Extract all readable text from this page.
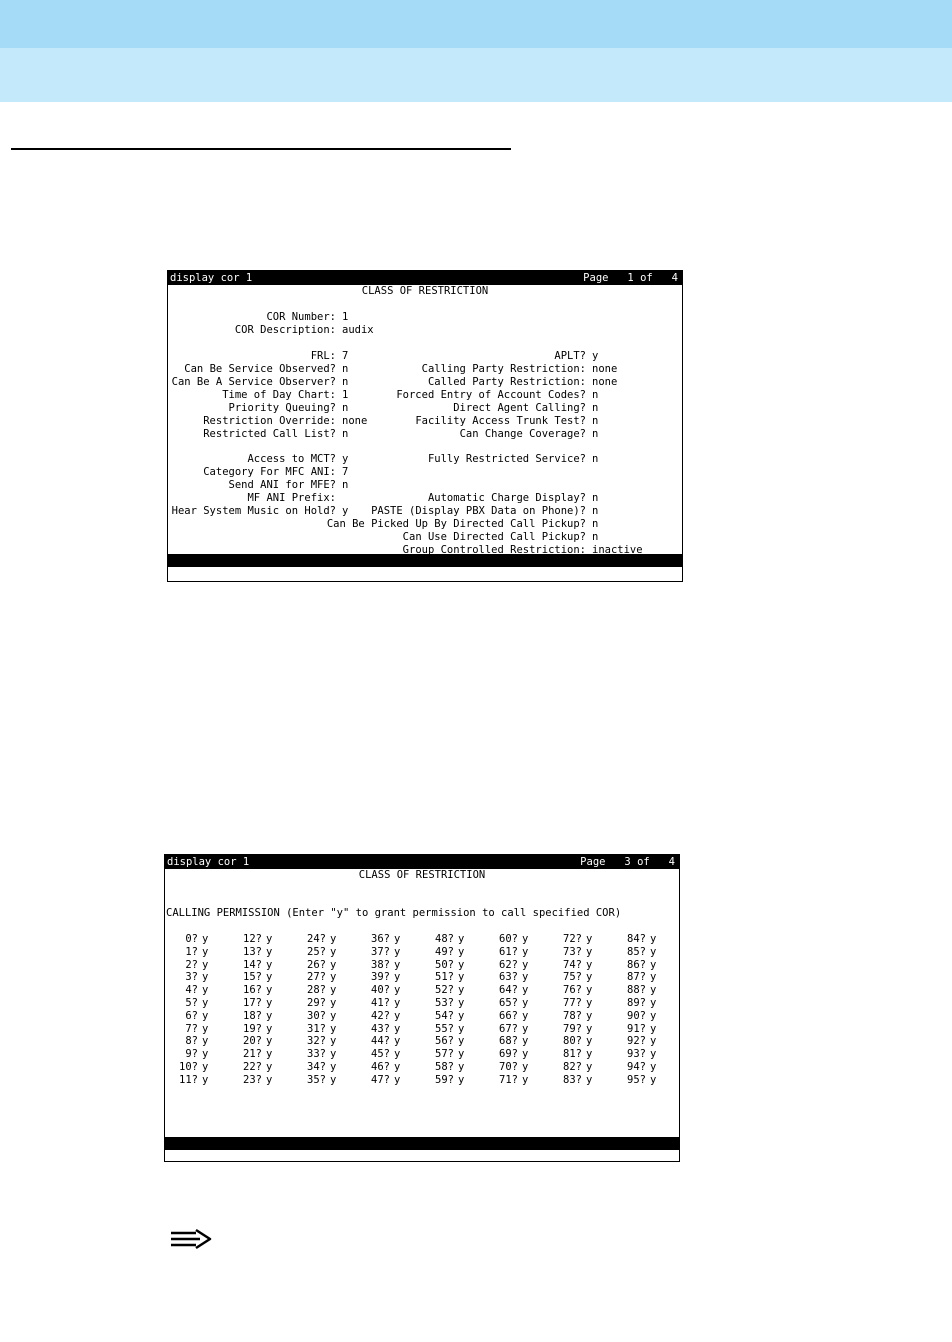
display cor 1	Page   1 of   4
CLASS OF RESTRICTION
COR Number: 1
COR Description: audix
FRL: 7
Can Be Service Observed? n
Can Be A Service Observer? n
Time of Day Chart: 1
Priority Queuing? n
Restriction Override: none
Restricted Call List? n
APLT? y
Calling Party Restriction: none
Called Party Restriction: none
Forced Entry of Account Codes? n
Direct Agent Calling? n
Facility Access Trunk Test? n
Can Change Coverage? n
Access to MCT? y
Category For MFC ANI: 7
Send ANI for MFE? n
MF ANI Prefix:
Hear System Music on Hold? y
Fully Restricted Service? n
Automatic Charge Display? n
PASTE (Display PBX Data on Phone)? n
Can Be Picked Up By Directed Call Pickup? n
Can Use Directed Call Pickup? n
Group Controlled Restriction: inactive
display cor 1	Page   3 of   4
CLASS OF RESTRICTION
CALLING PERMISSION (Enter "y" to grant permission to call specified COR)
0? y
1? y
2? y
3? y
4? y
5? y
6? y
7? y
8? y
9? y
10? y
11? y
12? y
13? y
14? y
15? y
16? y
17? y
18? y
19? y
20? y
21? y
22? y
23? y
24? y
25? y
26? y
27? y
28? y
29? y
30? y
31? y
32? y
33? y
34? y
35? y
36? y
37? y
38? y
39? y
40? y
41? y
42? y
43? y
44? y
45? y
46? y
47? y
48? y
49? y
50? y
51? y
52? y
53? y
54? y
55? y
56? y
57? y
58? y
59? y
60? y
61? y
62? y
63? y
64? y
65? y
66? y
67? y
68? y
69? y
70? y
71? y
72? y
73? y
74? y
75? y
76? y
77? y
78? y
79? y
80? y
81? y
82? y
83? y
84? y
85? y
86? y
87? y
88? y
89? y
90? y
91? y
92? y
93? y
94? y
95? y
